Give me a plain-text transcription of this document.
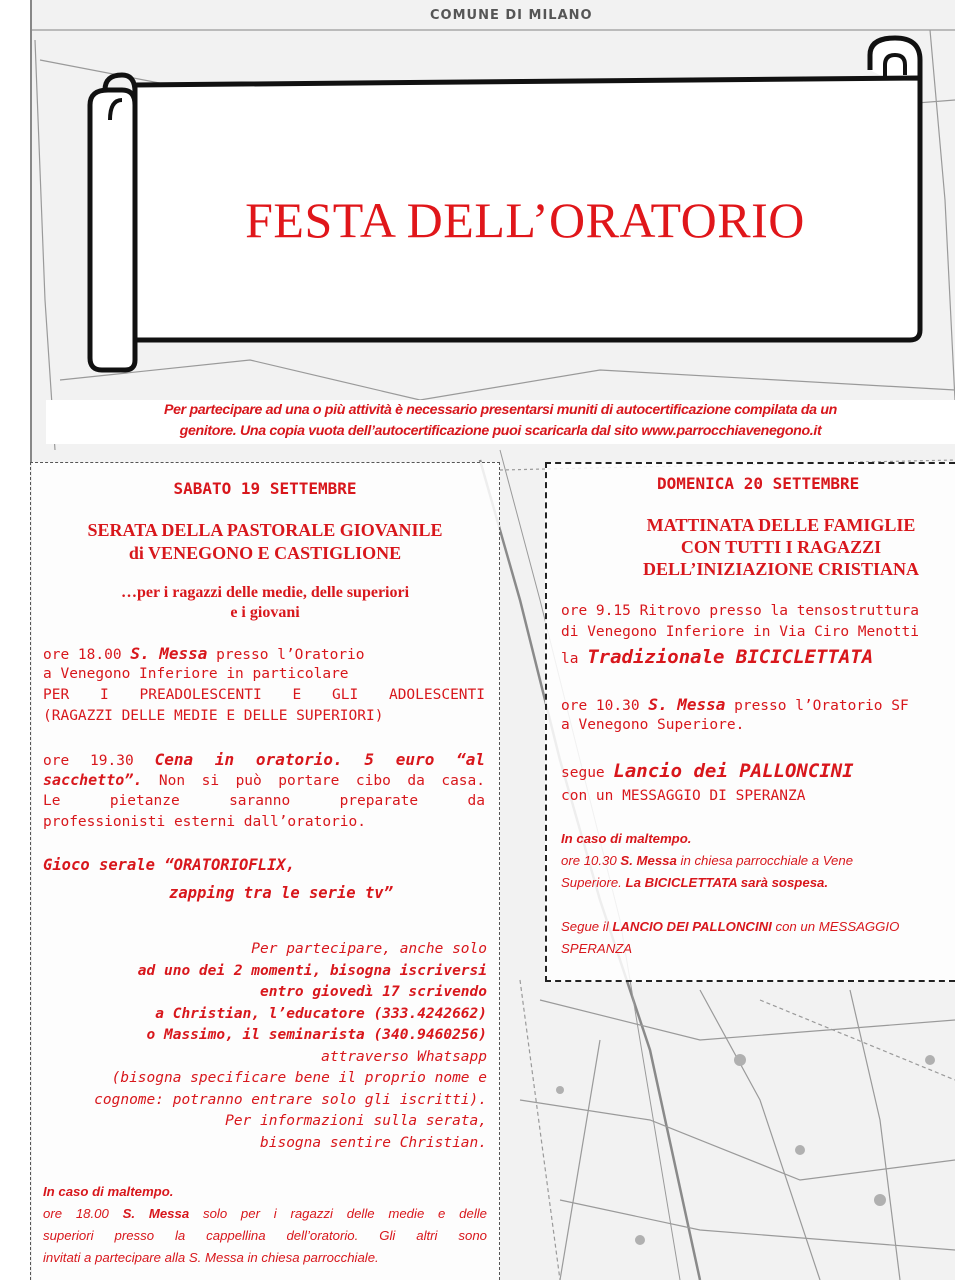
COMUNE DI MILANO
FESTA DELL’ORATORIO

Per partecipare ad una o più attività è necessario presentarsi muniti di autocertificazione compilata da un

genitore. Una copia vuota dell’autocertificazione puoi scaricarla dal sito www.parrocchiavenegono.it

SABATO 19 SETTEMBRE

SERATA DELLA PASTORALE GIOVANILE

di VENEGONO E CASTIGLIONE

…per i ragazzi delle medie, delle superiori

e i giovani

ore 18.00 S. Messa presso l’Oratorio

a Venegono Inferiore in particolare

PER I PREADOLESCENTI E GLI ADOLESCENTI

(RAGAZZI DELLE MEDIE E DELLE SUPERIORI)

ore 19.30 Cena in oratorio. 5 euro “al

sacchetto”. Non si può portare cibo da casa.

Le pietanze saranno preparate da

professionisti esterni dall’oratorio.

Gioco serale “ORATORIOFLIX,

zapping tra le serie tv”

Per partecipare, anche solo
ad uno dei 2 momenti, bisogna iscriversi
entro giovedì 17 scrivendo
a Christian, l’educatore (333.4242662)
o Massimo, il seminarista (340.9460256)
attraverso Whatsapp
(bisogna specificare bene il proprio nome e
cognome: potranno entrare solo gli iscritti).
Per informazioni sulla serata,
bisogna sentire Christian.

In caso di maltempo.

ore 18.00 S. Messa solo per i ragazzi delle medie e delle

superiori presso la cappellina dell’oratorio. Gli altri sono

invitati a partecipare alla S. Messa in chiesa parrocchiale.

DOMENICA 20 SETTEMBRE

MATTINATA DELLE FAMIGLIE

CON TUTTI I RAGAZZI

DELL’INIZIAZIONE CRISTIANA

ore 9.15 Ritrovo presso la tensostruttura

di Venegono Inferiore in Via Ciro Menotti

la Tradizionale BICICLETTATA

ore 10.30 S. Messa presso l’Oratorio SF

a Venegono Superiore.

segue Lancio dei PALLONCINI

con un MESSAGGIO DI SPERANZA

In caso di maltempo.

ore 10.30 S. Messa in chiesa parrocchiale a Vene

Superiore. La BICICLETTATA sarà sospesa.

Segue il LANCIO DEI PALLONCINI con un MESSAGGIO

SPERANZA
